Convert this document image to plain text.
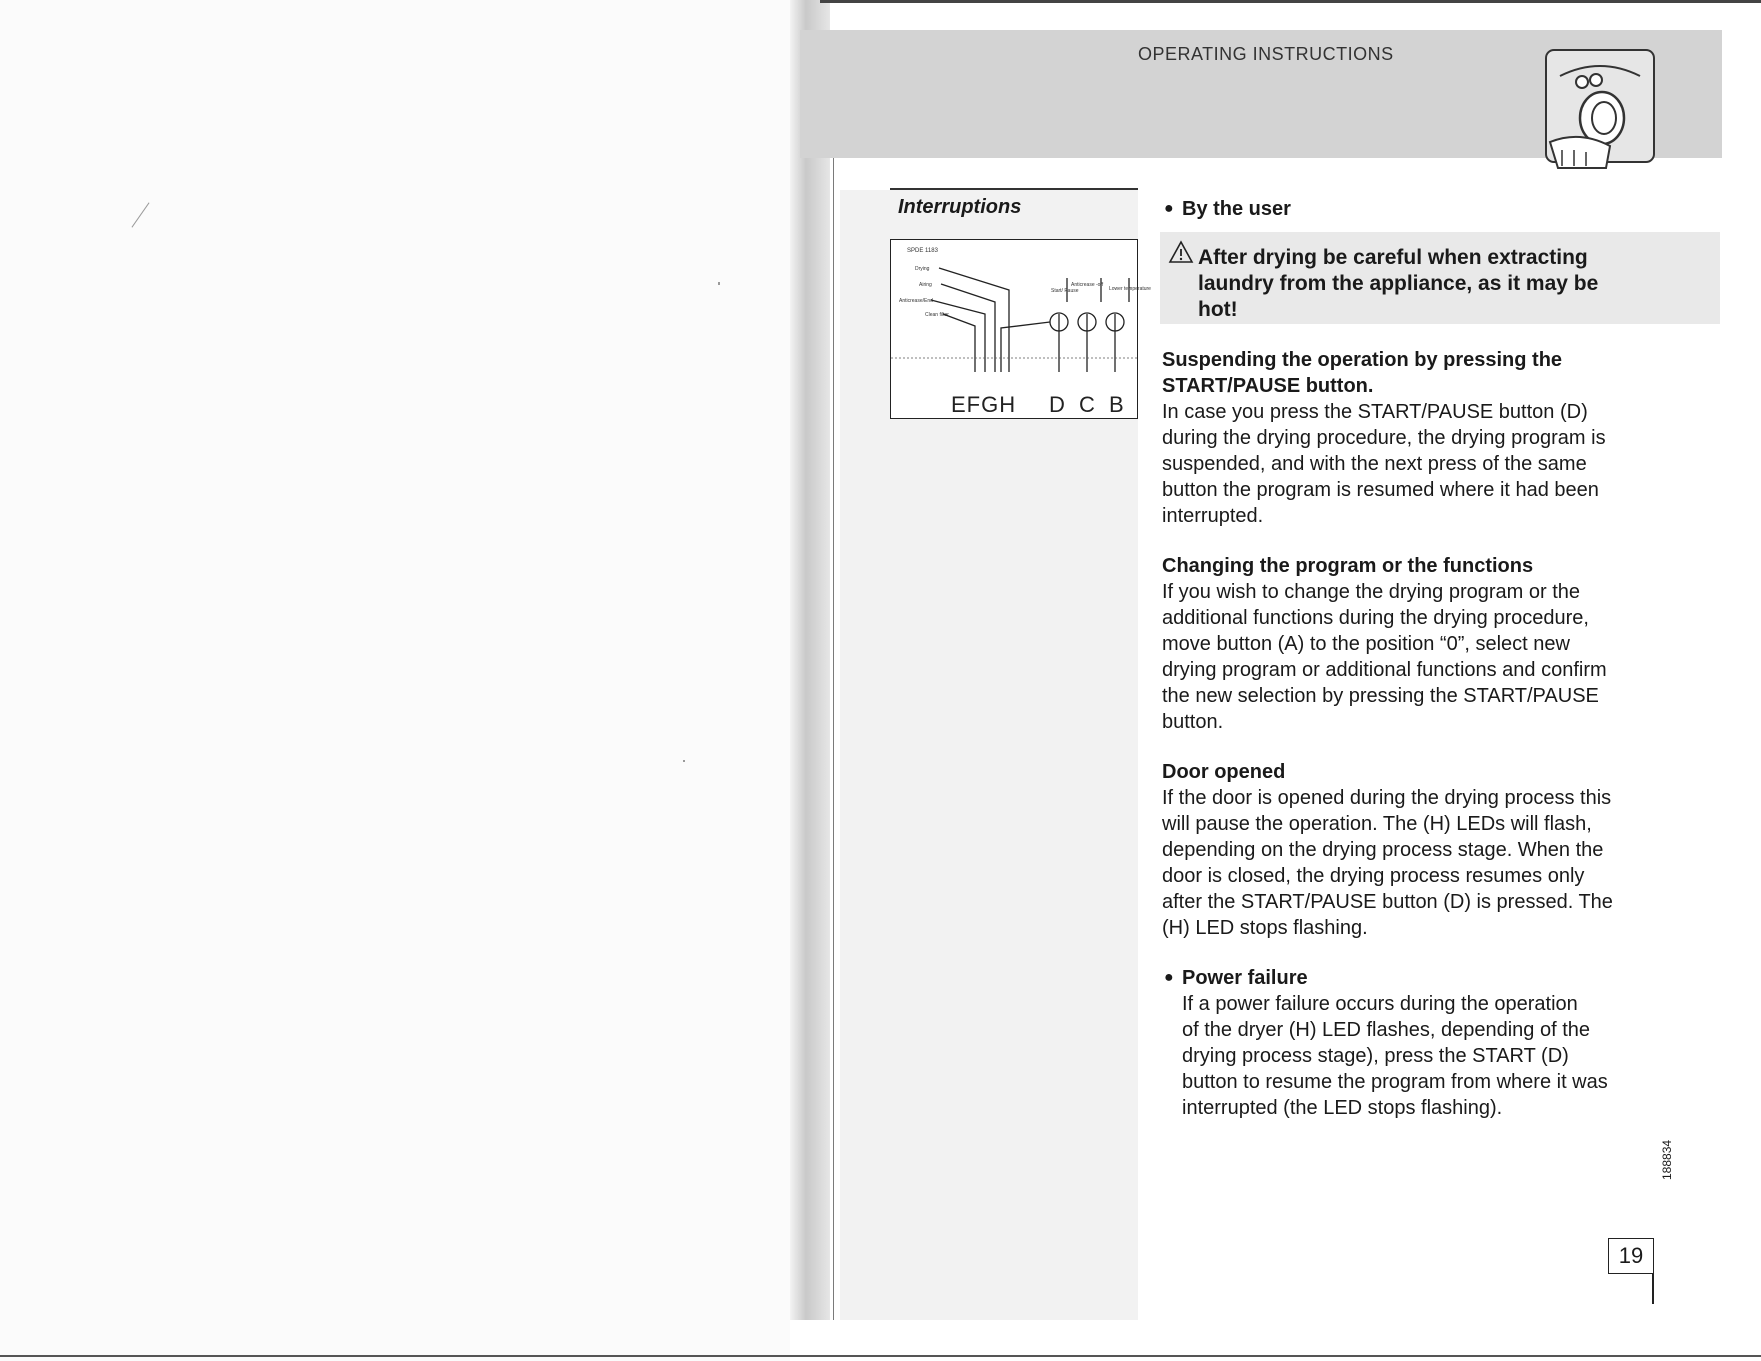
OPERATING INSTRUCTIONS
Interruptions
SPDE 1183
Drying
Airing
Anticrease/End
Clean filter
Start/ Pause
Anticrease -off
Lower temperature
EFGH D C B
● By the user
After drying be careful when extracting
laundry from the appliance, as it may be
hot!
Suspending the operation by pressing the
START/PAUSE button.
In case you press the START/PAUSE button (D)
during the drying procedure, the drying program is
suspended, and with the next press of the same
button the program is resumed where it had been
interrupted.
Changing the program or the functions
If you wish to change the drying program or the
additional functions during the drying procedure,
move button (A) to the position “0”, select new
drying program or additional functions and confirm
the new selection by pressing the START/PAUSE
button.
Door opened
If the door is opened during the drying process this
will pause the operation. The (H) LEDs will flash,
depending on the drying process stage. When the
door is closed, the drying process resumes only
after the START/PAUSE button (D) is pressed. The
(H) LED stops flashing.
● Power failure
If a power failure occurs during the operation
of the dryer (H) LED flashes, depending of the
drying process stage), press the START (D)
button to resume the program from where it was
interrupted (the LED stops flashing).
188834
19
